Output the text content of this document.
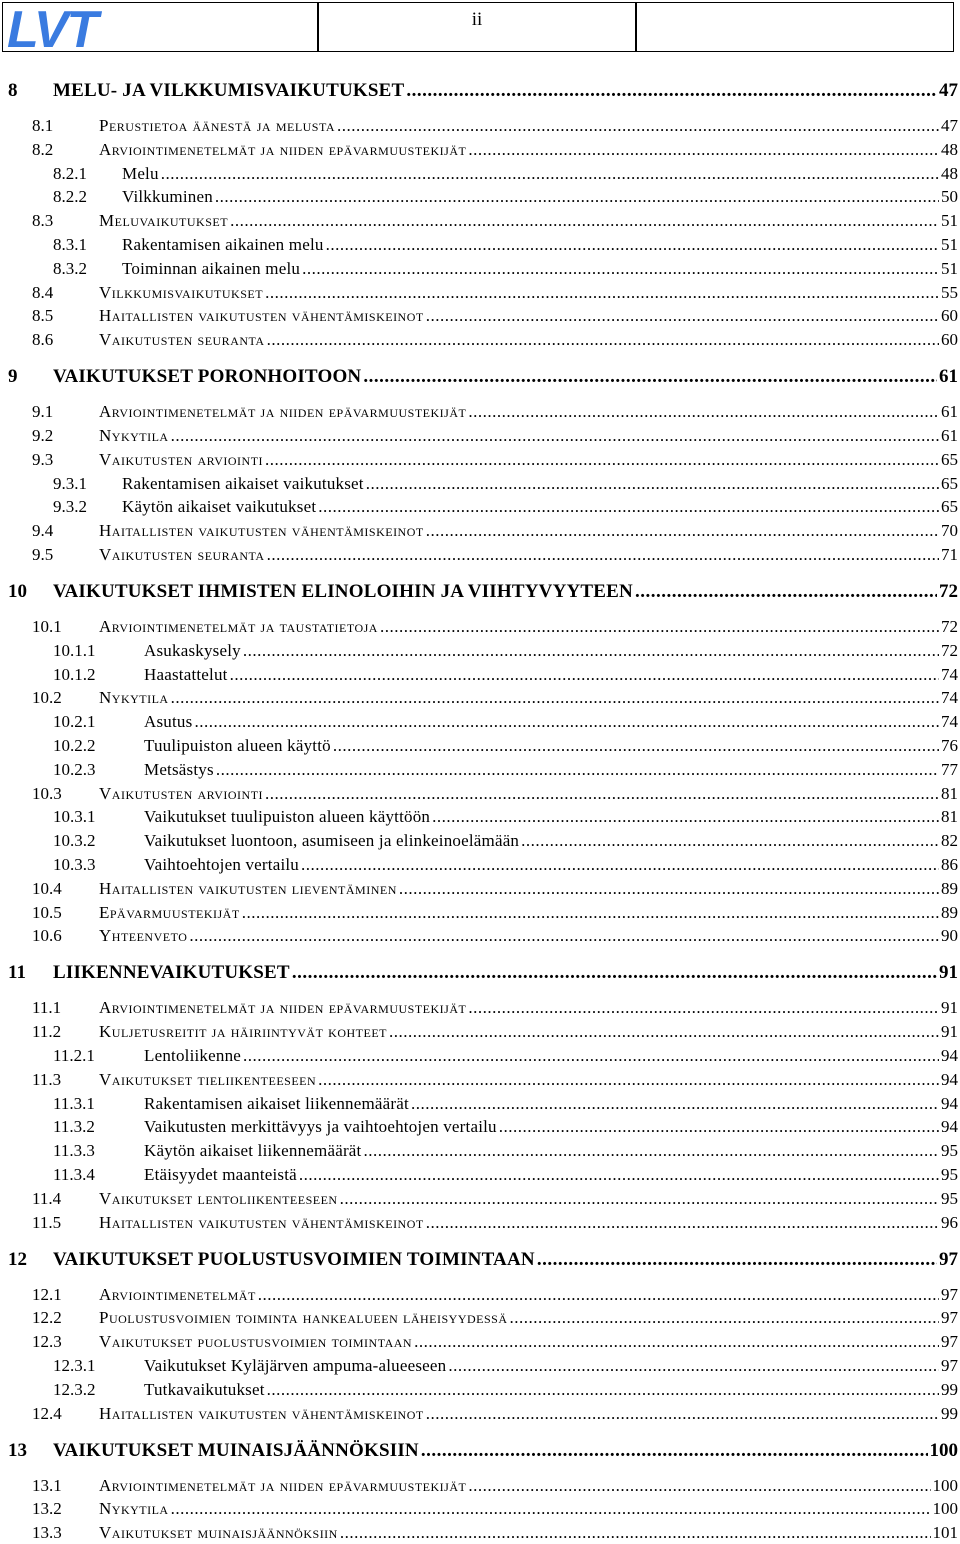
LVT	ii
8 MELU- JA VILKKUMISVAIKUTUKSET .....	47
8.1	Perustietoa äänestä ja melusta .....	47
8.2	Arviointimenetelmät ja niiden epävarmuustekijät .....	48
8.2.1 Melu .....	48
8.2.2 Vilkkuminen .....	50
8.3	Meluvaikutukset .....	51
8.3.1 Rakentamisen aikainen melu .....	51
8.3.2 Toiminnan aikainen melu .....	51
8.4	Vilkkumisvaikutukset .....	55
8.5	Haitallisten vaikutusten vähentämiskeinot .....	60
8.6	Vaikutusten seuranta .....	60
9 VAIKUTUKSET PORONHOITOON .....	61
9.1	Arviointimenetelmät ja niiden epävarmuustekijät .....	61
9.2	Nykytila .....	61
9.3	Vaikutusten arviointi .....	65
9.3.1 Rakentamisen aikaiset vaikutukset .....	65
9.3.2 Käytön aikaiset vaikutukset .....	65
9.4	Haitallisten vaikutusten vähentämiskeinot .....	70
9.5	Vaikutusten seuranta .....	71
10 VAIKUTUKSET IHMISTEN ELINOLOIHIN JA VIIHTYVYYTEEN .....	72
10.1 Arviointimenetelmät ja taustatietoja .....	72
10.1.1	Asukaskysely .....	72
10.1.2	Haastattelut .....	74
10.2 Nykytila .....	74
10.2.1	Asutus .....	74
10.2.2	Tuulipuiston alueen käyttö .....	76
10.2.3	Metsästys .....	77
10.3 Vaikutusten arviointi .....	81
10.3.1	Vaikutukset tuulipuiston alueen käyttöön .....	81
10.3.2	Vaikutukset luontoon, asumiseen ja elinkeinoelämään .....	82
10.3.3	Vaihtoehtojen vertailu .....	86
10.4 Haitallisten vaikutusten lieventäminen .....	89
10.5 Epävarmuustekijät .....	89
10.6 Yhteenveto .....	90
11 LIIKENNEVAIKUTUKSET .....	91
11.1 Arviointimenetelmät ja niiden epävarmuustekijät .....	91
11.2 Kuljetusreitit ja häiriintyvät kohteet .....	91
11.2.1	Lentoliikenne .....	94
11.3 Vaikutukset tieliikenteeseen .....	94
11.3.1	Rakentamisen aikaiset liikennemäärät .....	94
11.3.2	Vaikutusten merkittävyys ja vaihtoehtojen vertailu .....	94
11.3.3	Käytön aikaiset liikennemäärät .....	95
11.3.4	Etäisyydet maanteistä .....	95
11.4 Vaikutukset lentoliikenteeseen .....	95
11.5 Haitallisten vaikutusten vähentämiskeinot .....	96
12 VAIKUTUKSET PUOLUSTUSVOIMIEN TOIMINTAAN .....	97
12.1 Arviointimenetelmät .....	97
12.2 Puolustusvoimien toiminta hankealueen läheisyydessä .....	97
12.3 Vaikutukset puolustusvoimien toimintaan .....	97
12.3.1	Vaikutukset Kyläjärven ampuma-alueeseen .....	97
12.3.2	Tutkavaikutukset .....	99
12.4 Haitallisten vaikutusten vähentämiskeinot .....	99
13 VAIKUTUKSET MUINAISJÄÄNNÖKSIIN .....	100
13.1 Arviointimenetelmät ja niiden epävarmuustekijät .....	100
13.2 Nykytila .....	100
13.3 Vaikutukset muinaisjäännöksiin .....	101
